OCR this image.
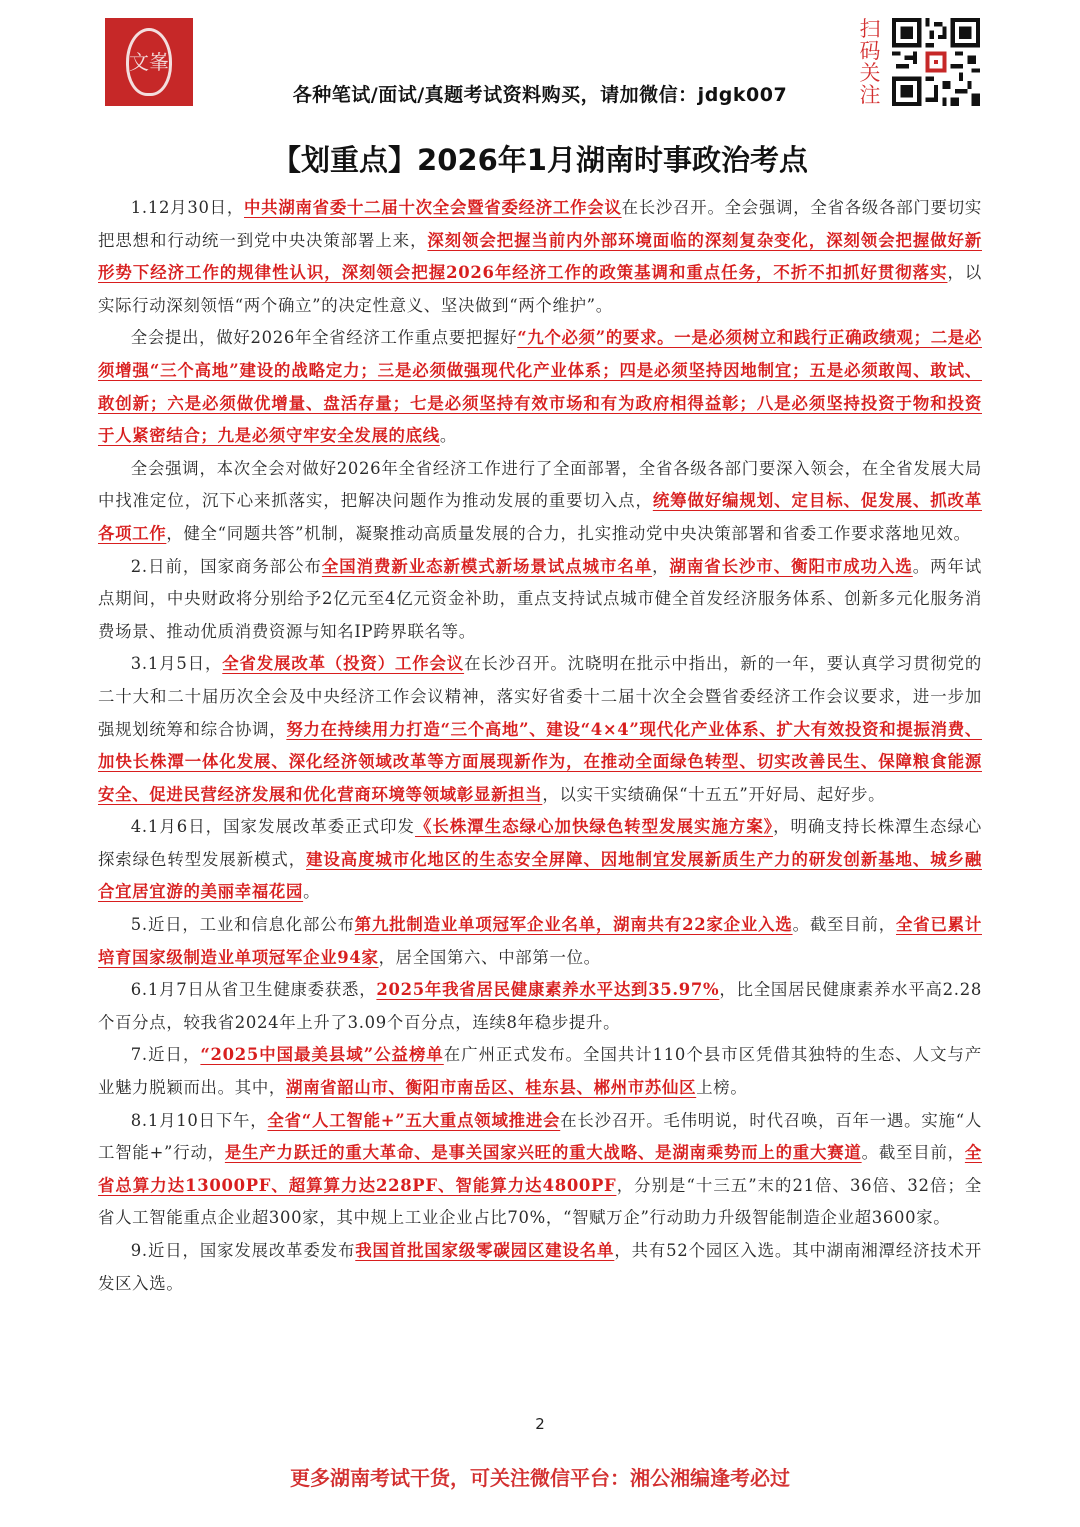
文峯
各种笔试/面试/真题考试资料购买，请加微信：jdgk007
扫码关注
【划重点】2026年1月湖南时事政治考点

1.12月30日，中共湖南省委十二届十次全会暨省委经济工作会议在长沙召开。全会强调，全省各级各部门要切实把思想和行动统一到党中央决策部署上来，深刻领会把握当前内外部环境面临的深刻复杂变化，深刻领会把握做好新形势下经济工作的规律性认识，深刻领会把握2026年经济工作的政策基调和重点任务，不折不扣抓好贯彻落实，以实际行动深刻领悟“两个确立”的决定性意义、坚决做到“两个维护”。

全会提出，做好2026年全省经济工作重点要把握好“九个必须”的要求。一是必须树立和践行正确政绩观；二是必须增强“三个高地”建设的战略定力；三是必须做强现代化产业体系；四是必须坚持因地制宜；五是必须敢闯、敢试、敢创新；六是必须做优增量、盘活存量；七是必须坚持有效市场和有为政府相得益彰；八是必须坚持投资于物和投资于人紧密结合；九是必须守牢安全发展的底线。

全会强调，本次全会对做好2026年全省经济工作进行了全面部署，全省各级各部门要深入领会，在全省发展大局中找准定位，沉下心来抓落实，把解决问题作为推动发展的重要切入点，统筹做好编规划、定目标、促发展、抓改革各项工作，健全“同题共答”机制，凝聚推动高质量发展的合力，扎实推动党中央决策部署和省委工作要求落地见效。

2.日前，国家商务部公布全国消费新业态新模式新场景试点城市名单，湖南省长沙市、衡阳市成功入选。两年试点期间，中央财政将分别给予2亿元至4亿元资金补助，重点支持试点城市健全首发经济服务体系、创新多元化服务消费场景、推动优质消费资源与知名IP跨界联名等。

3.1月5日，全省发展改革（投资）工作会议在长沙召开。沈晓明在批示中指出，新的一年，要认真学习贯彻党的二十大和二十届历次全会及中央经济工作会议精神，落实好省委十二届十次全会暨省委经济工作会议要求，进一步加强规划统筹和综合协调，努力在持续用力打造“三个高地”、建设“4×4”现代化产业体系、扩大有效投资和提振消费、加快长株潭一体化发展、深化经济领域改革等方面展现新作为，在推动全面绿色转型、切实改善民生、保障粮食能源安全、促进民营经济发展和优化营商环境等领域彰显新担当，以实干实绩确保“十五五”开好局、起好步。

4.1月6日，国家发展改革委正式印发《长株潭生态绿心加快绿色转型发展实施方案》，明确支持长株潭生态绿心探索绿色转型发展新模式，建设高度城市化地区的生态安全屏障、因地制宜发展新质生产力的研发创新基地、城乡融合宜居宜游的美丽幸福花园。

5.近日，工业和信息化部公布第九批制造业单项冠军企业名单，湖南共有22家企业入选。截至目前，全省已累计培育国家级制造业单项冠军企业94家，居全国第六、中部第一位。

6.1月7日从省卫生健康委获悉，2025年我省居民健康素养水平达到35.97%，比全国居民健康素养水平高2.28个百分点，较我省2024年上升了3.09个百分点，连续8年稳步提升。

7.近日，“2025中国最美县域”公益榜单在广州正式发布。全国共计110个县市区凭借其独特的生态、人文与产业魅力脱颖而出。其中，湖南省韶山市、衡阳市南岳区、桂东县、郴州市苏仙区上榜。

8.1月10日下午，全省“人工智能+”五大重点领域推进会在长沙召开。毛伟明说，时代召唤，百年一遇。实施“人工智能+”行动，是生产力跃迁的重大革命、是事关国家兴旺的重大战略、是湖南乘势而上的重大赛道。截至目前，全省总算力达13000PF、超算算力达228PF、智能算力达4800PF，分别是“十三五”末的21倍、36倍、32倍；全省人工智能重点企业超300家，其中规上工业企业占比70%，“智赋万企”行动助力升级智能制造企业超3600家。

9.近日，国家发展改革委发布我国首批国家级零碳园区建设名单，共有52个园区入选。其中湖南湘潭经济技术开发区入选。

2
更多湖南考试干货，可关注微信平台：湘公湘编逢考必过
